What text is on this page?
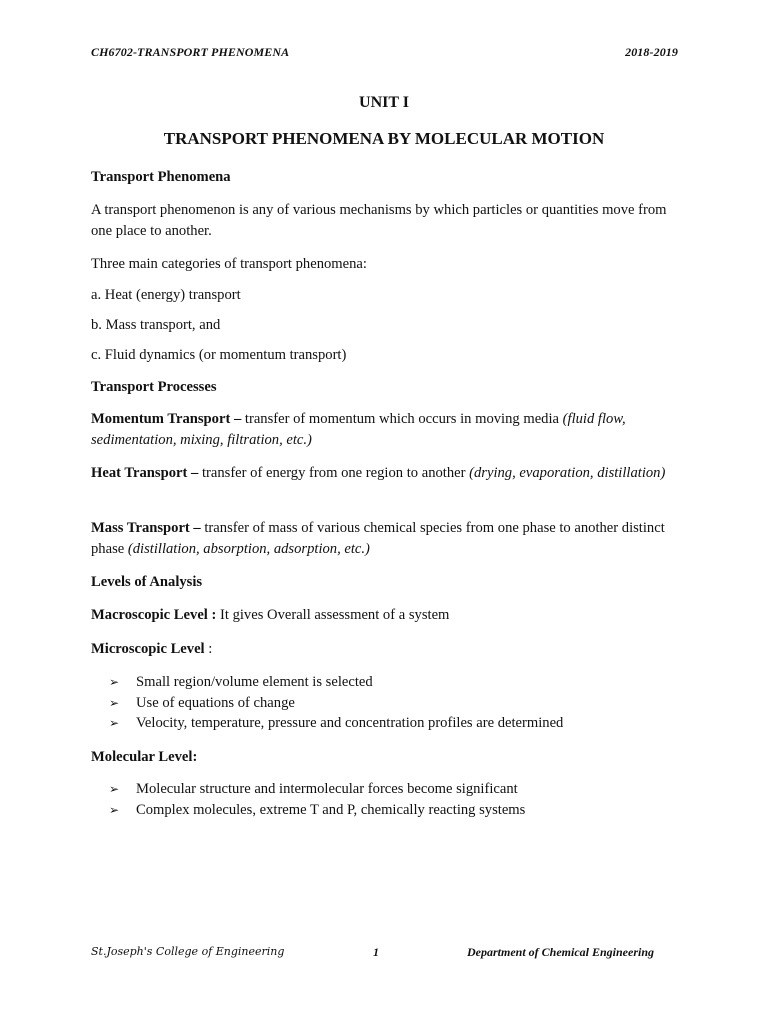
CH6702-TRANSPORT PHENOMENA	2018-2019
UNIT I
TRANSPORT PHENOMENA BY MOLECULAR MOTION
Transport Phenomena
A transport phenomenon is any of various mechanisms by which particles or quantities move from one place to another.
Three main categories of transport phenomena:
a. Heat (energy) transport
b. Mass transport, and
c. Fluid dynamics (or momentum transport)
Transport Processes
Momentum Transport – transfer of momentum which occurs in moving media (fluid flow, sedimentation, mixing, filtration, etc.)
Heat Transport – transfer of energy from one region to another (drying, evaporation, distillation)
Mass Transport – transfer of mass of various chemical species from one phase to another distinct phase (distillation, absorption, adsorption, etc.)
Levels of Analysis
Macroscopic Level : It gives Overall assessment of a system
Microscopic Level :
➢ Small region/volume element is selected
➢ Use of equations of change
➢ Velocity, temperature, pressure and concentration profiles are determined
Molecular Level:
➢ Molecular structure and intermolecular forces become significant
➢ Complex molecules, extreme T and P, chemically reacting systems
St.Joseph's College of Engineering	1	Department of Chemical Engineering
